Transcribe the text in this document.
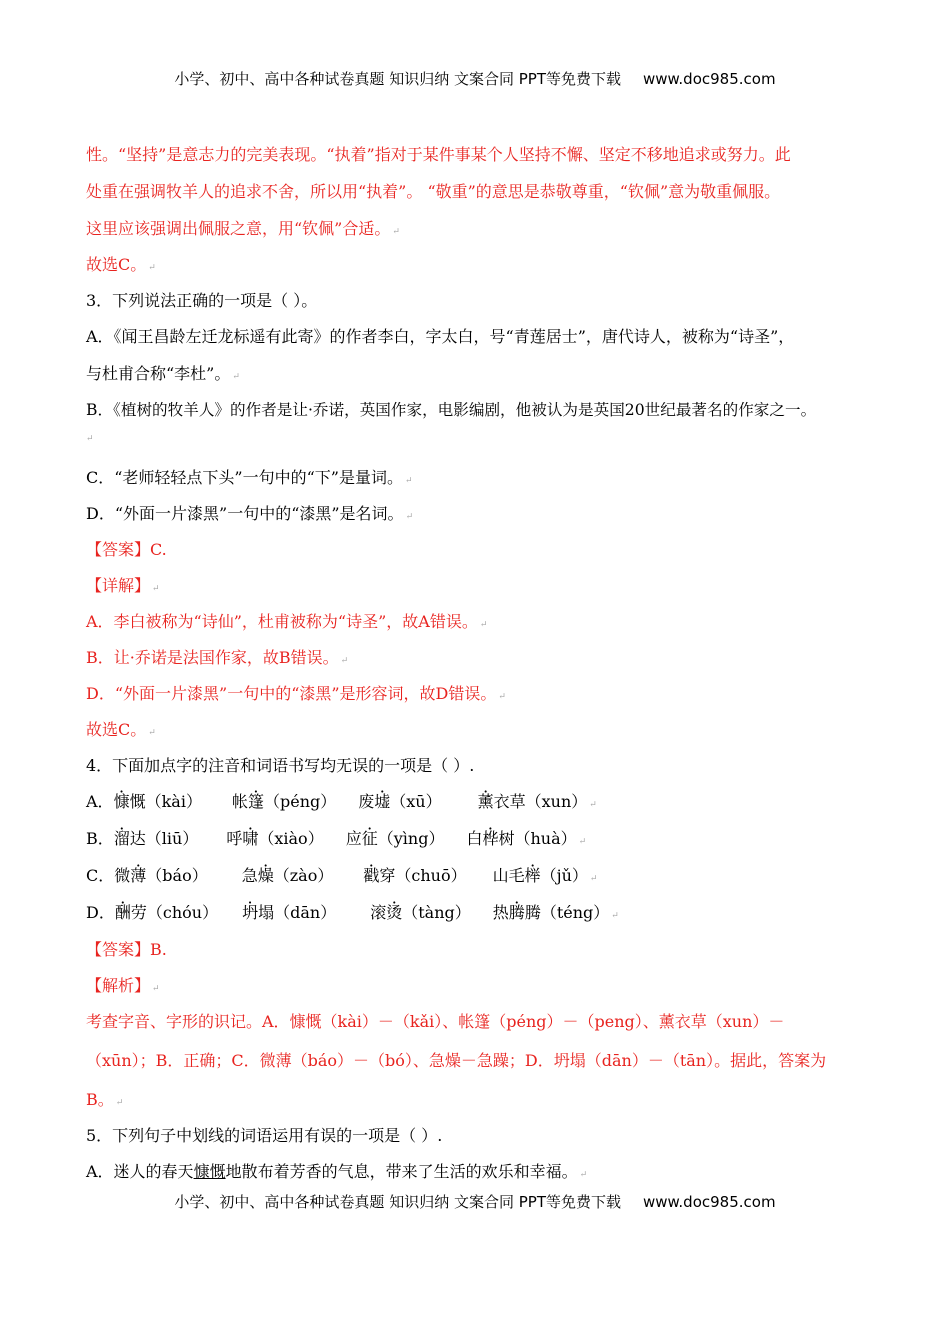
小学、初中、高中各种试卷真题 知识归纳 文案合同 PPT等免费下载 www.doc985.com

性。“坚持”是意志力的完美表现。“执着”指对于某件事某个人坚持不懈、坚定不移地追求或努力。此

处重在强调牧羊人的追求不舍，所以用“执着”。 “敬重”的意思是恭敬尊重，“钦佩”意为敬重佩服。

这里应该强调出佩服之意，用“钦佩”合适。 ↵

故选C。 ↵

3．下列说法正确的一项是（ ）。

A．《闻王昌龄左迁龙标遥有此寄》的作者李白，字太白，号“青莲居士”，唐代诗人，被称为“诗圣”，

与杜甫合称“李杜”。 ↵

B．《植树的牧羊人》的作者是让·乔诺，英国作家，电影编剧，他被认为是英国20世纪最著名的作家之一。

↵

C．“老师轻轻点下头”一句中的“下”是量词。 ↵

D．“外面一片漆黑”一句中的“漆黑”是名词。 ↵

【答案】C.

【详解】 ↵

A．李白被称为“诗仙”，杜甫被称为“诗圣”，故A错误。 ↵

B．让·乔诺是法国作家，故B错误。 ↵

D．“外面一片漆黑”一句中的“漆黑”是形容词，故D错误。 ↵

故选C。 ↵

4．下面加点字的注音和词语书写均无误的一项是（ ）.

A．慷慨（kài） 帐篷（péng） 废墟（xū） 薰衣草（xun） ↵

B．溜达（liū） 呼啸（xiào） 应征（yìng） 白桦树（huà） ↵

C．微薄（báo） 急燥（zào） 戳穿（chuō） 山毛榉（jǔ） ↵

D．酬劳（chóu） 坍塌（dān） 滚烫（tàng） 热腾腾（téng） ↵

【答案】B.

【解析】 ↵

考查字音、字形的识记。A．慷慨（kài）－（kǎi）、帐篷（péng）－（peng）、薰衣草（xun）－

（xūn）；B．正确；C．微薄（báo）－（bó）、急燥－急躁；D．坍塌（dān）－（tān）。据此，答案为

B。 ↵

5．下列句子中划线的词语运用有误的一项是（ ）.

A．迷人的春天慷慨地散布着芳香的气息，带来了生活的欢乐和幸福。 ↵

小学、初中、高中各种试卷真题 知识归纳 文案合同 PPT等免费下载 www.doc985.com
